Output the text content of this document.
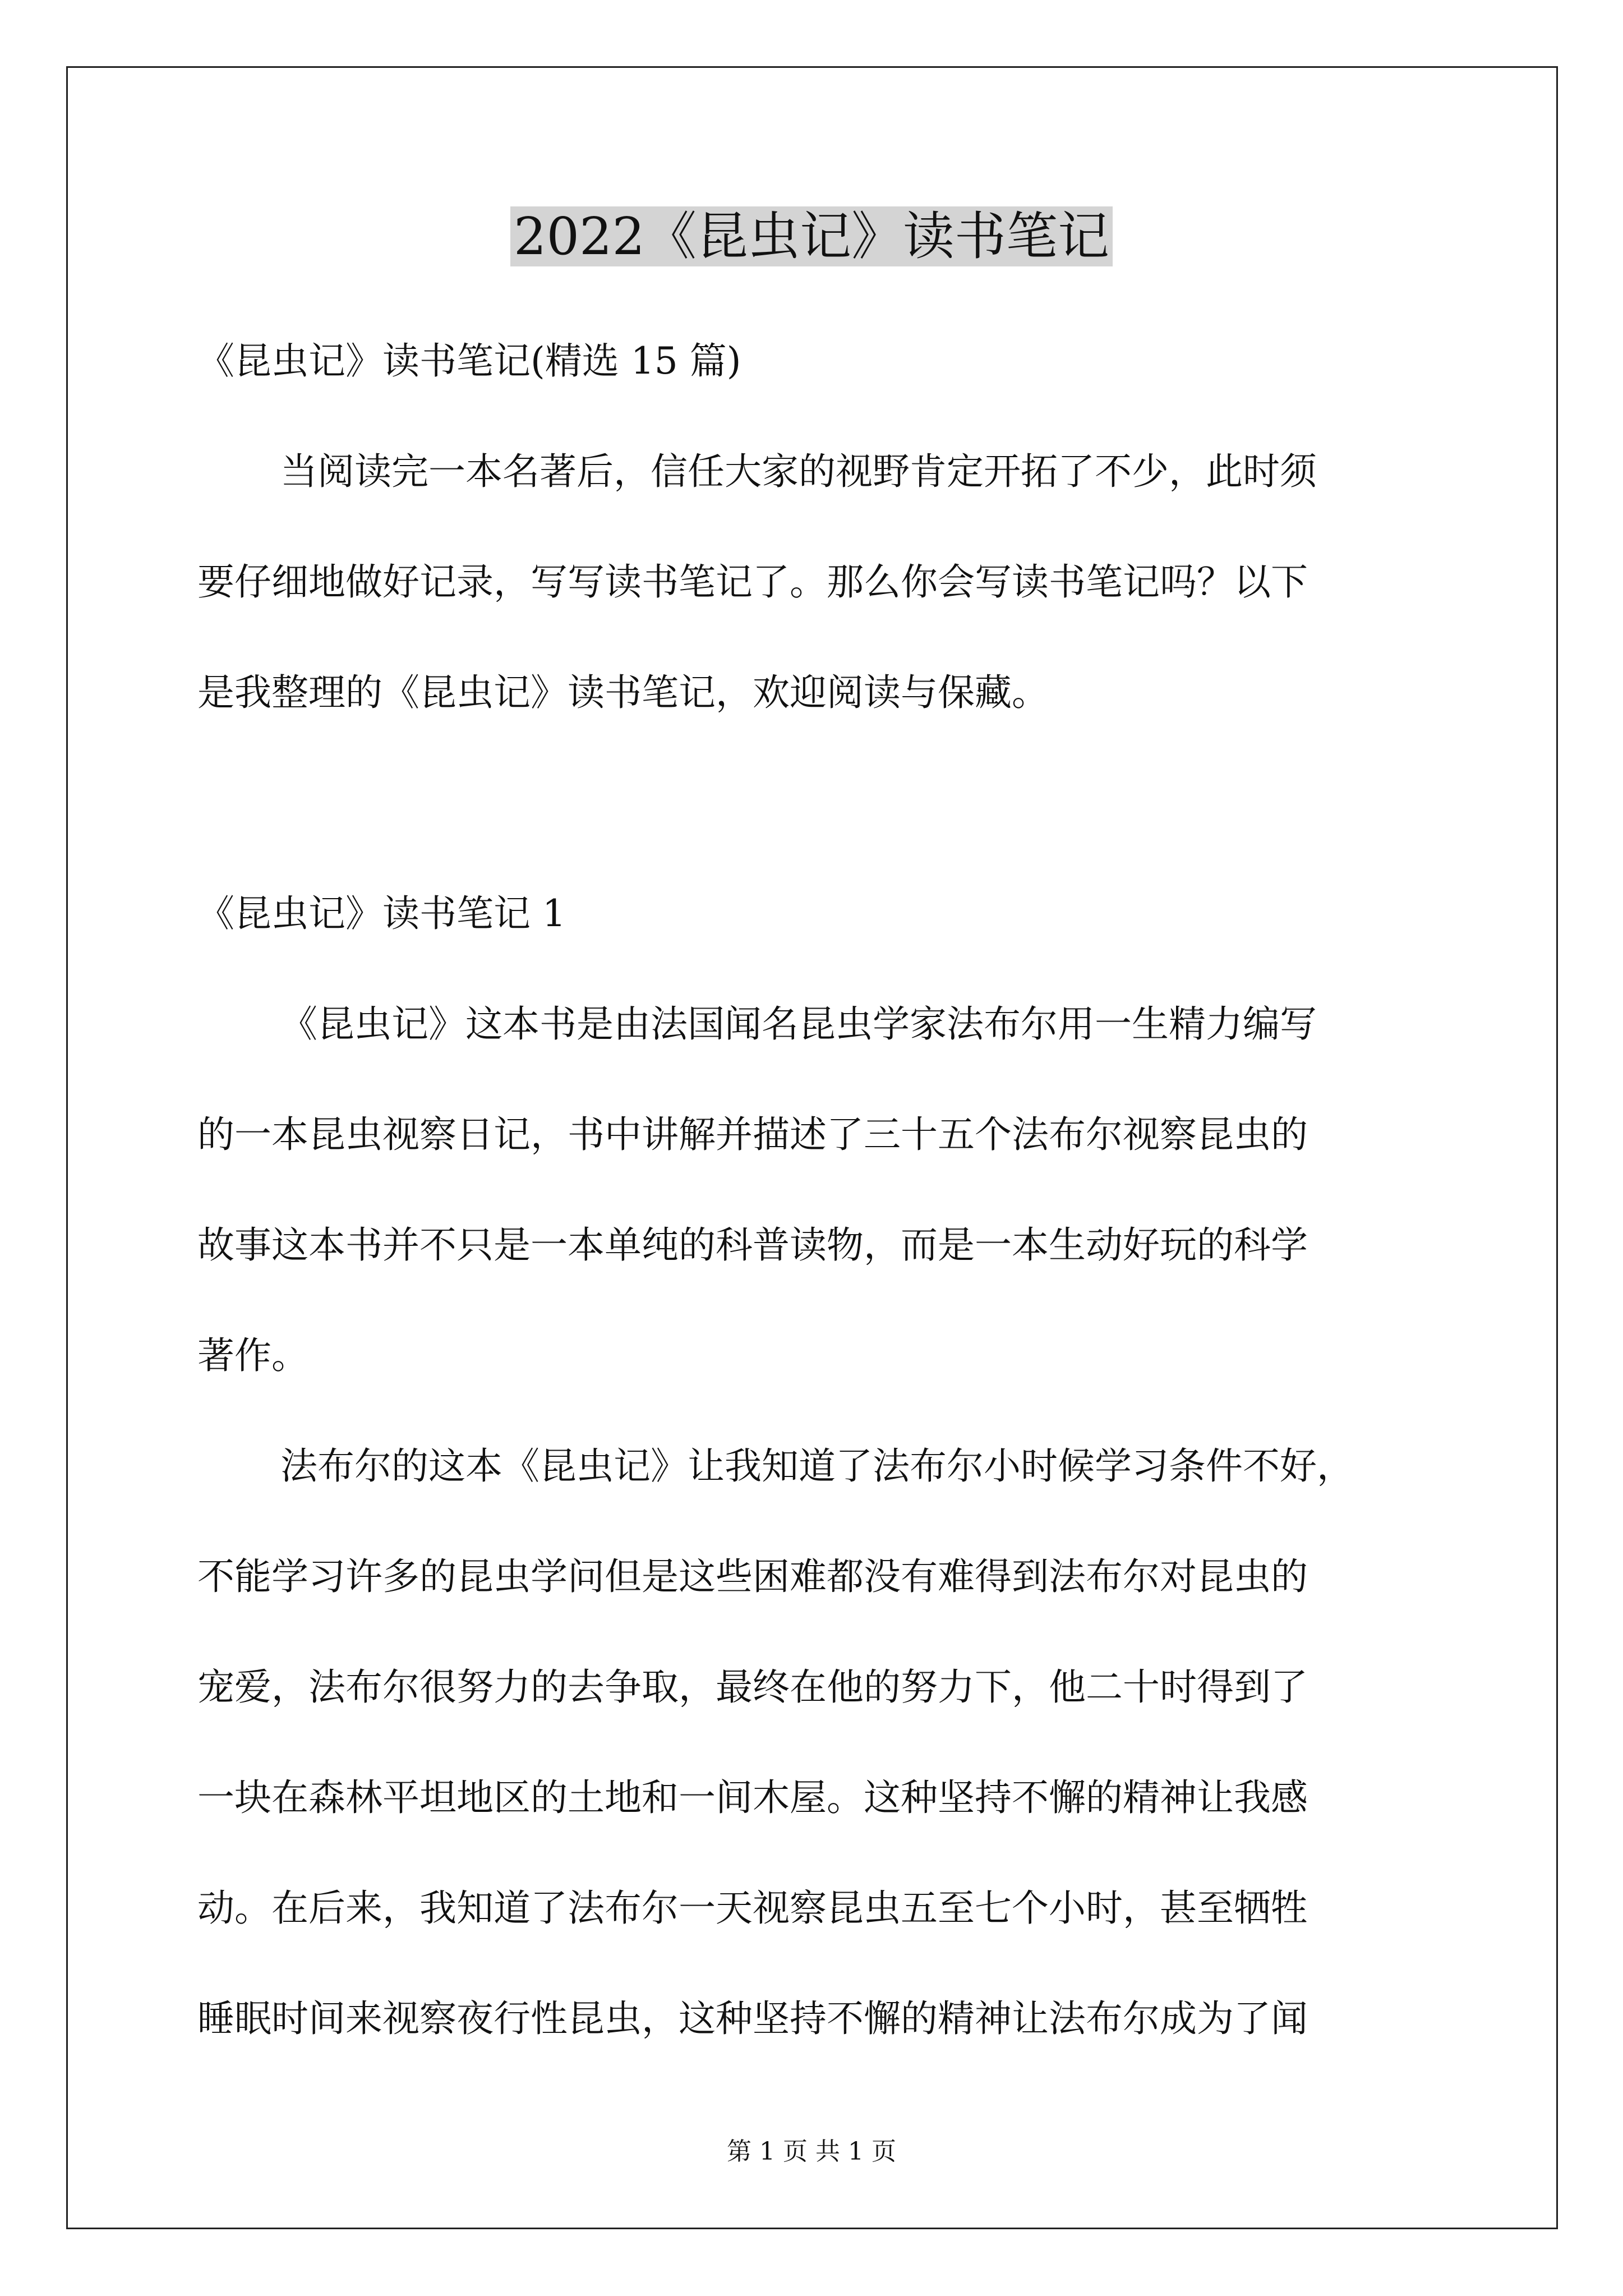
2022《昆虫记》读书笔记

《昆虫记》读书笔记(精选 15 篇)

当阅读完一本名著后，信任大家的视野肯定开拓了不少，此时须

要仔细地做好记录，写写读书笔记了。那么你会写读书笔记吗？以下

是我整理的《昆虫记》读书笔记，欢迎阅读与保藏。

《昆虫记》读书笔记 1

《昆虫记》这本书是由法国闻名昆虫学家法布尔用一生精力编写

的一本昆虫视察日记，书中讲解并描述了三十五个法布尔视察昆虫的

故事这本书并不只是一本单纯的科普读物，而是一本生动好玩的科学

著作。

法布尔的这本《昆虫记》让我知道了法布尔小时候学习条件不好，

不能学习许多的昆虫学问但是这些困难都没有难得到法布尔对昆虫的

宠爱，法布尔很努力的去争取，最终在他的努力下，他二十时得到了

一块在森林平坦地区的土地和一间木屋。这种坚持不懈的精神让我感

动。在后来，我知道了法布尔一天视察昆虫五至七个小时，甚至牺牲

睡眠时间来视察夜行性昆虫，这种坚持不懈的精神让法布尔成为了闻

第 1 页 共 1 页
